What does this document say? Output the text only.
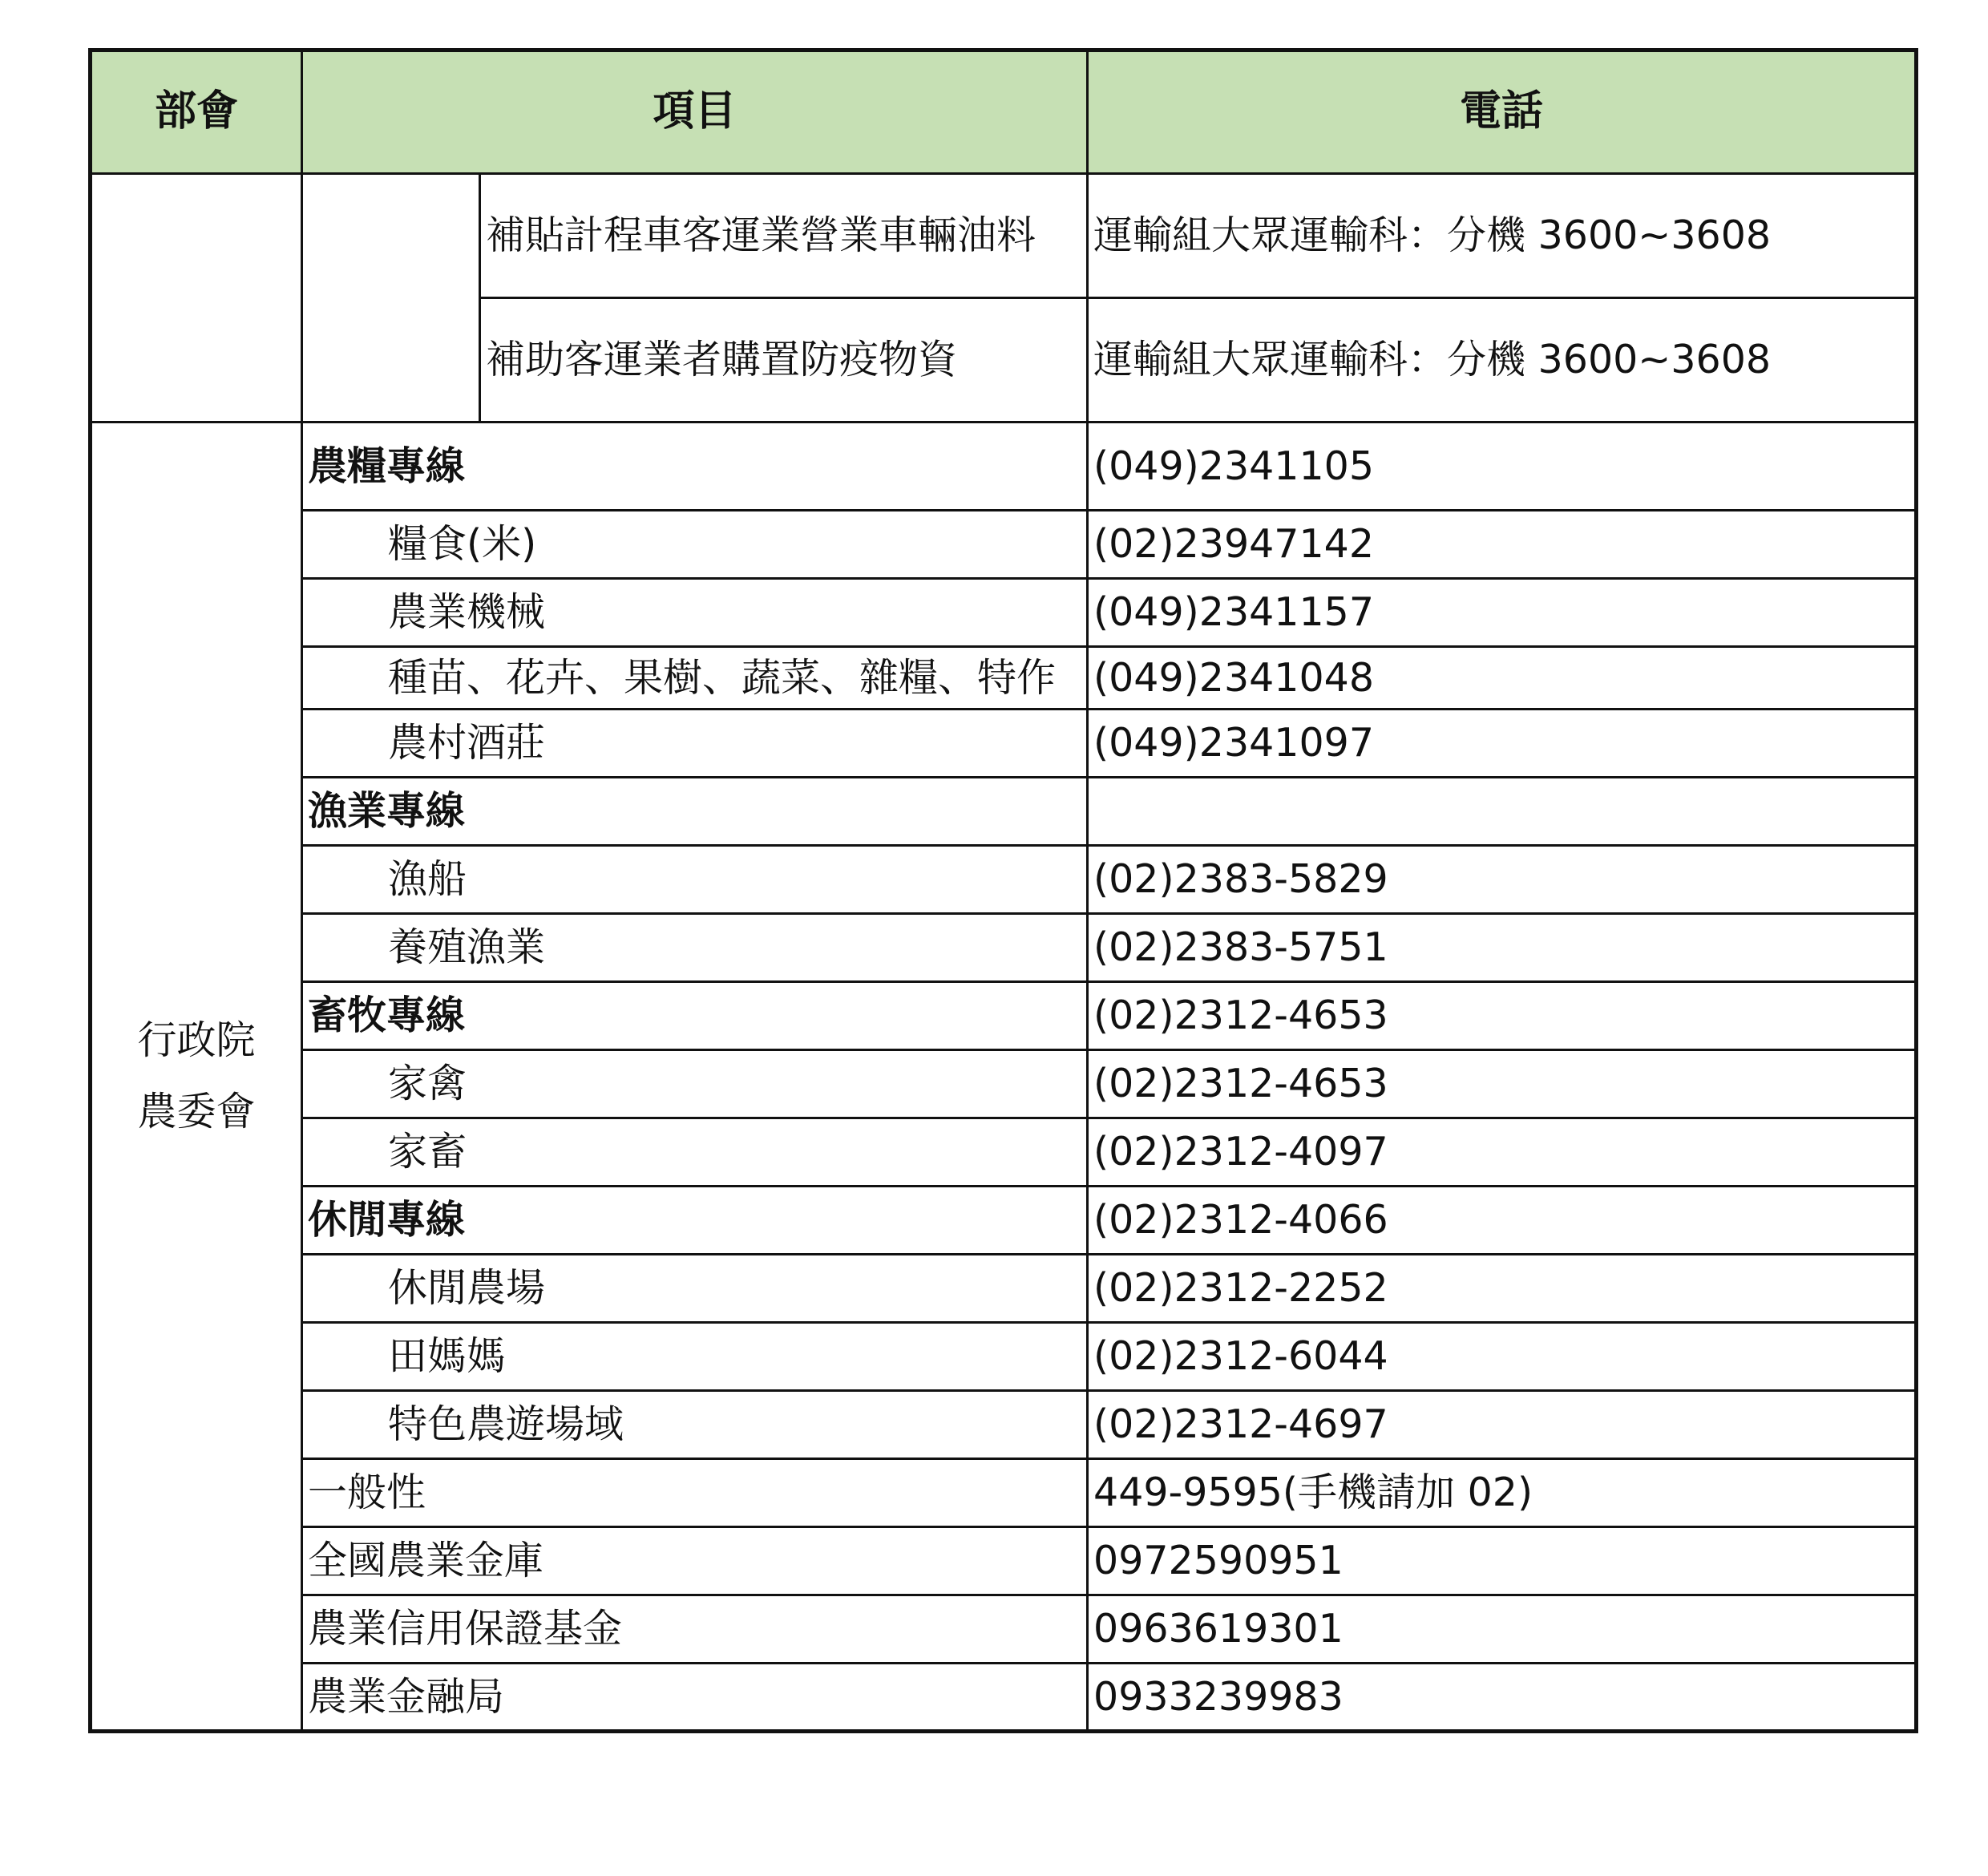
部會	項目		電話
		補貼計程車客運業營業車輛油料	運輸組大眾運輸科：分機 3600~3608
		補助客運業者購置防疫物資	運輸組大眾運輸科：分機 3600~3608
行政院
農委會	農糧專線		(049)2341105
	糧食(米)		(02)23947142
	農業機械		(049)2341157
	種苗、花卉、果樹、蔬菜、雜糧、特作		(049)2341048
	農村酒莊		(049)2341097
	漁業專線		
	漁船		(02)2383-5829
	養殖漁業		(02)2383-5751
	畜牧專線		(02)2312-4653
	家禽		(02)2312-4653
	家畜		(02)2312-4097
	休閒專線		(02)2312-4066
	休閒農場		(02)2312-2252
	田媽媽		(02)2312-6044
	特色農遊場域		(02)2312-4697
	一般性		449-9595(手機請加 02)
	全國農業金庫		0972590951
	農業信用保證基金		0963619301
	農業金融局		0933239983
